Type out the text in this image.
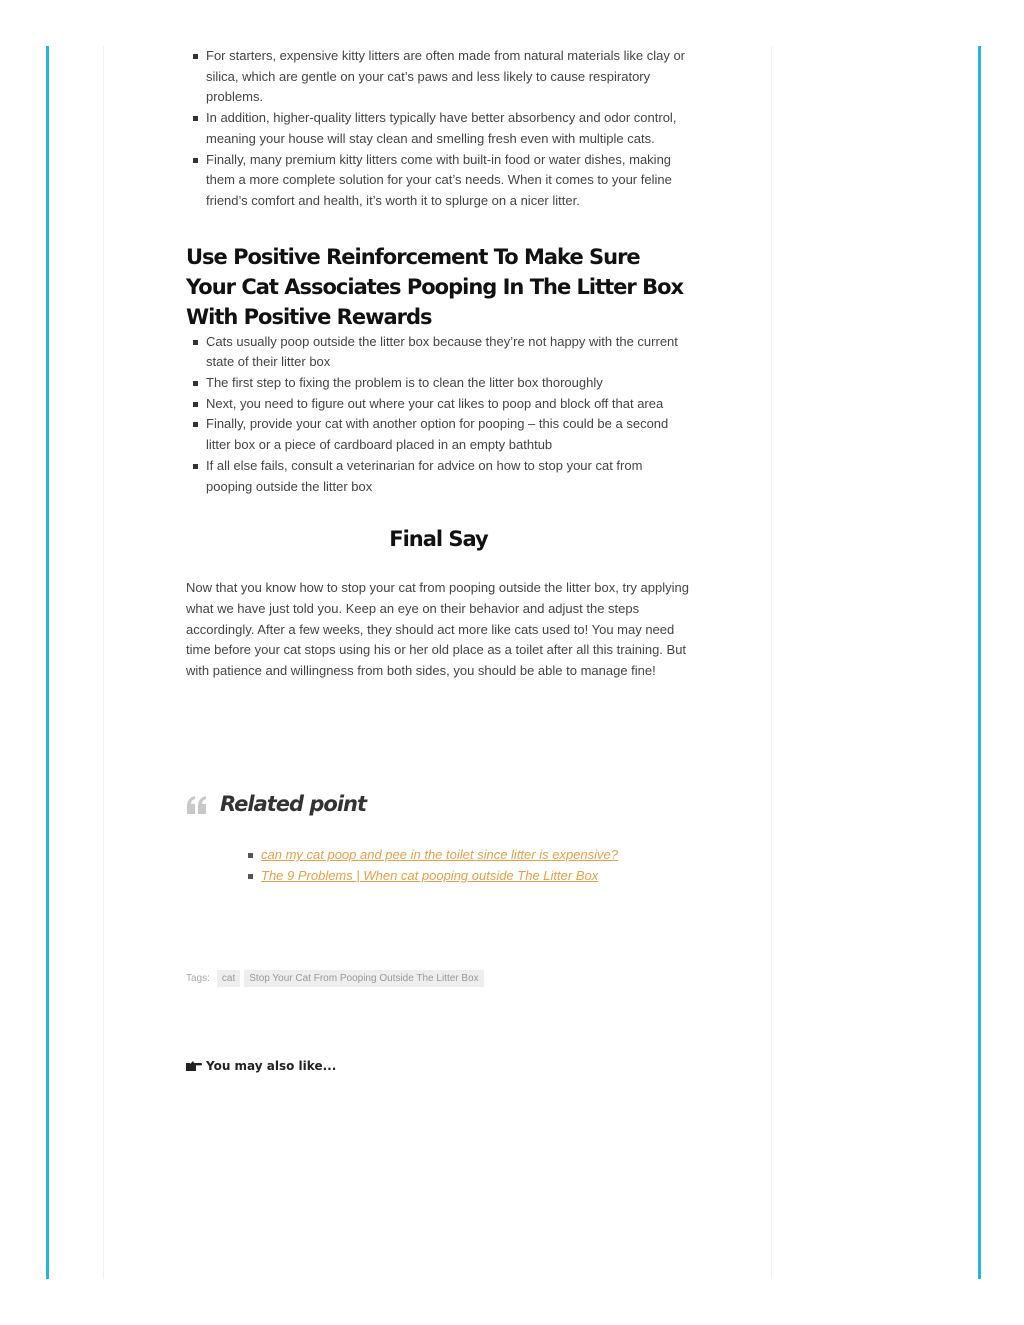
For starters, expensive kitty litters are often made from natural materials like clay or silica, which are gentle on your cat’s paws and less likely to cause respiratory problems.
In addition, higher-quality litters typically have better absorbency and odor control, meaning your house will stay clean and smelling fresh even with multiple cats.
Finally, many premium kitty litters come with built-in food or water dishes, making them a more complete solution for your cat’s needs. When it comes to your feline friend’s comfort and health, it’s worth it to splurge on a nicer litter.
Use Positive Reinforcement To Make Sure Your Cat Associates Pooping In The Litter Box With Positive Rewards
Cats usually poop outside the litter box because they’re not happy with the current state of their litter box
The first step to fixing the problem is to clean the litter box thoroughly
Next, you need to figure out where your cat likes to poop and block off that area
Finally, provide your cat with another option for pooping – this could be a second litter box or a piece of cardboard placed in an empty bathtub
If all else fails, consult a veterinarian for advice on how to stop your cat from pooping outside the litter box
Final Say

Now that you know how to stop your cat from pooping outside the litter box, try applying what we have just told you. Keep an eye on their behavior and adjust the steps accordingly. After a few weeks, they should act more like cats used to! You may need time before your cat stops using his or her old place as a toilet after all this training. But with patience and willingness from both sides, you should be able to manage fine!

Related point
can my cat poop and pee in the toilet since litter is expensive?
The 9 Problems | When cat pooping outside The Litter Box
Tags:	cat	Stop Your Cat From Pooping Outside The Litter Box
You may also like...
